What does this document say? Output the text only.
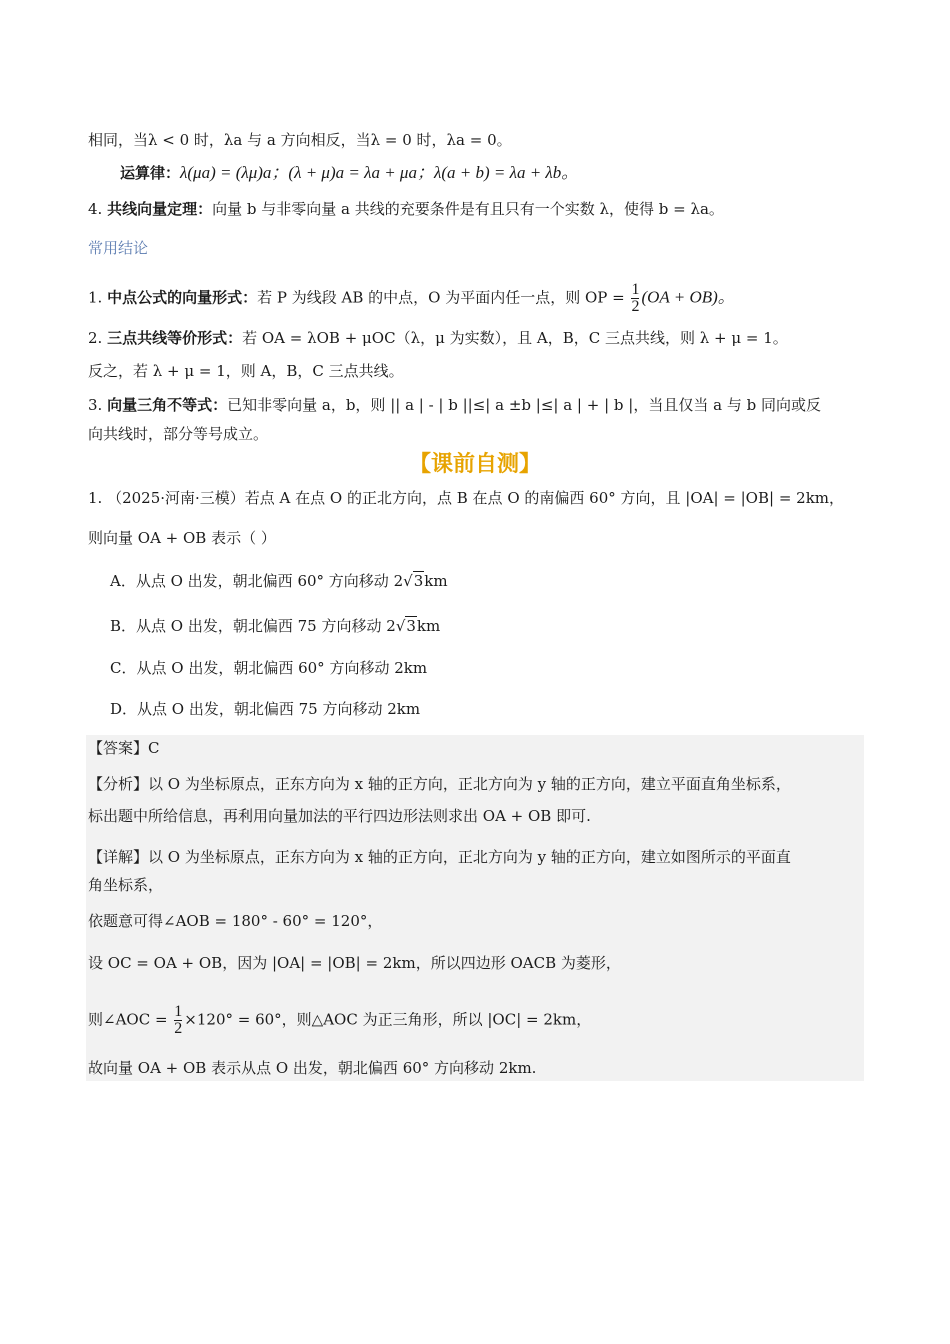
相同，当λ < 0 时，λa 与 a 方向相反，当λ = 0 时，λa = 0。
运算律：λ(μa) = (λμ)a；(λ + μ)a = λa + μa；λ(a + b) = λa + λb。
4. 共线向量定理：向量 b 与非零向量 a 共线的充要条件是有且只有一个实数 λ，使得 b = λa。
常用结论
1. 中点公式的向量形式：若 P 为线段 AB 的中点，O 为平面内任一点，则 OP = $\frac{1}{2} (OA + OB)$。
2. 三点共线等价形式：若 OA = λOB + μOC（λ，μ 为实数），且 A，B，C 三点共线，则 λ + μ = 1。
反之，若 λ + μ = 1，则 A，B，C 三点共线。
3. 向量三角不等式：已知非零向量 a，b，则 || a | - | b ||≤| a ±b |≤| a | + | b |，当且仅当 a 与 b 同向或反
向共线时，部分等号成立。
【课前自测】
1. （2025·河南·三模）若点 A 在点 O 的正北方向，点 B 在点 O 的南偏西 60° 方向，且 |OA| = |OB| = 2km，
则向量 OA + OB 表示（ ）
A．从点 O 出发，朝北偏西 60° 方向移动 2√3km
B．从点 O 出发，朝北偏西 75 方向移动 2√3km
C．从点 O 出发，朝北偏西 60° 方向移动 2km
D．从点 O 出发，朝北偏西 75 方向移动 2km
【答案】C
【分析】以 O 为坐标原点，正东方向为 x 轴的正方向，正北方向为 y 轴的正方向，建立平面直角坐标系，
标出题中所给信息，再利用向量加法的平行四边形法则求出 OA + OB 即可.
【详解】以 O 为坐标原点，正东方向为 x 轴的正方向，正北方向为 y 轴的正方向，建立如图所示的平面直
角坐标系，
依题意可得∠AOB = 180° - 60° = 120°，
设 OC = OA + OB，因为 |OA| = |OB| = 2km，所以四边形 OACB 为菱形，
则∠AOC = $\frac{1}{2} \times 120^\circ = 60^\circ$，则△AOC 为正三角形，所以 |OC| = 2km，
故向量 OA + OB 表示从点 O 出发，朝北偏西 60° 方向移动 2km.
